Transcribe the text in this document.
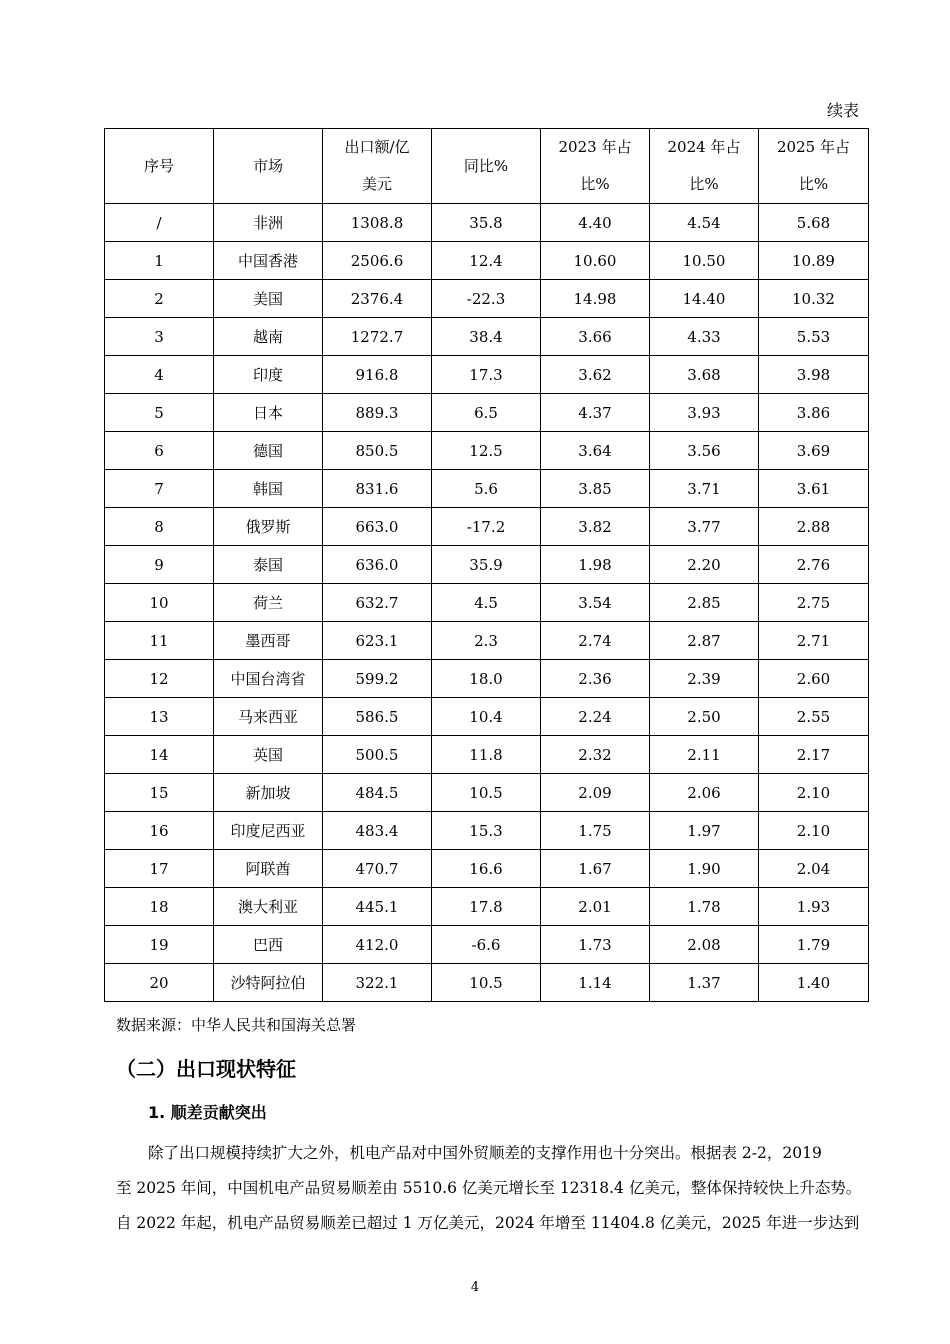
续表
序号	市场	出口额/亿美元	同比%	2023 年占比%	2024 年占比%	2025 年占比%
/	非洲	1308.8	35.8	4.40	4.54	5.68
1	中国香港	2506.6	12.4	10.60	10.50	10.89
2	美国	2376.4	-22.3	14.98	14.40	10.32
3	越南	1272.7	38.4	3.66	4.33	5.53
4	印度	916.8	17.3	3.62	3.68	3.98
5	日本	889.3	6.5	4.37	3.93	3.86
6	德国	850.5	12.5	3.64	3.56	3.69
7	韩国	831.6	5.6	3.85	3.71	3.61
8	俄罗斯	663.0	-17.2	3.82	3.77	2.88
9	泰国	636.0	35.9	1.98	2.20	2.76
10	荷兰	632.7	4.5	3.54	2.85	2.75
11	墨西哥	623.1	2.3	2.74	2.87	2.71
12	中国台湾省	599.2	18.0	2.36	2.39	2.60
13	马来西亚	586.5	10.4	2.24	2.50	2.55
14	英国	500.5	11.8	2.32	2.11	2.17
15	新加坡	484.5	10.5	2.09	2.06	2.10
16	印度尼西亚	483.4	15.3	1.75	1.97	2.10
17	阿联酋	470.7	16.6	1.67	1.90	2.04
18	澳大利亚	445.1	17.8	2.01	1.78	1.93
19	巴西	412.0	-6.6	1.73	2.08	1.79
20	沙特阿拉伯	322.1	10.5	1.14	1.37	1.40
数据来源：中华人民共和国海关总署
（二）出口现状特征
1. 顺差贡献突出
除了出口规模持续扩大之外，机电产品对中国外贸顺差的支撑作用也十分突出。根据表 2-2，2019
至 2025 年间，中国机电产品贸易顺差由 5510.6 亿美元增长至 12318.4 亿美元，整体保持较快上升态势。
自 2022 年起，机电产品贸易顺差已超过 1 万亿美元，2024 年增至 11404.8 亿美元，2025 年进一步达到
4
